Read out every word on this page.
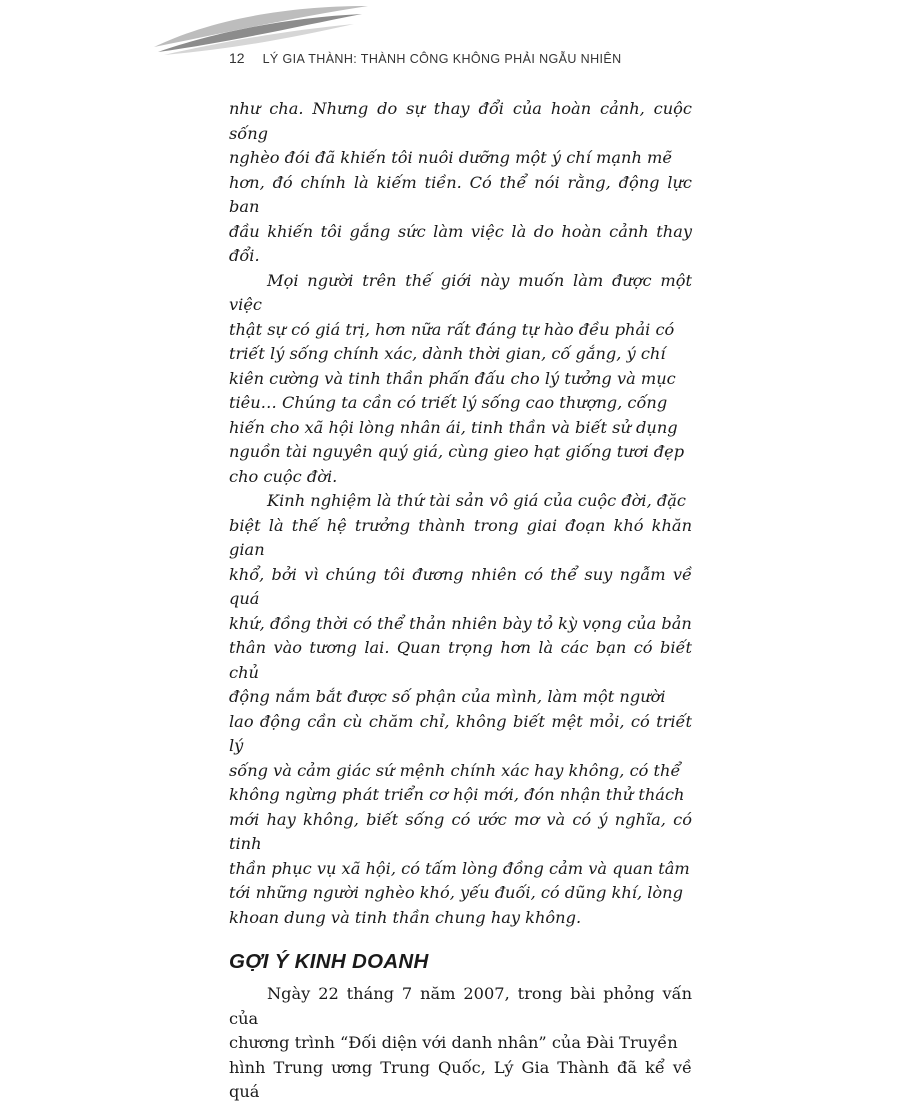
12 LÝ GIA THÀNH: THÀNH CÔNG KHÔNG PHẢI NGẪU NHIÊN

như cha. Nhưng do sự thay đổi của hoàn cảnh, cuộc sống
nghèo đói đã khiến tôi nuôi dưỡng một ý chí mạnh mẽ
hơn, đó chính là kiếm tiền. Có thể nói rằng, động lực ban
đầu khiến tôi gắng sức làm việc là do hoàn cảnh thay đổi.

Mọi người trên thế giới này muốn làm được một việc
thật sự có giá trị, hơn nữa rất đáng tự hào đều phải có
triết lý sống chính xác, dành thời gian, cố gắng, ý chí
kiên cường và tinh thần phấn đấu cho lý tưởng và mục
tiêu… Chúng ta cần có triết lý sống cao thượng, cống
hiến cho xã hội lòng nhân ái, tinh thần và biết sử dụng
nguồn tài nguyên quý giá, cùng gieo hạt giống tươi đẹp
cho cuộc đời.

Kinh nghiệm là thứ tài sản vô giá của cuộc đời, đặc
biệt là thế hệ trưởng thành trong giai đoạn khó khăn gian
khổ, bởi vì chúng tôi đương nhiên có thể suy ngẫm về quá
khứ, đồng thời có thể thản nhiên bày tỏ kỳ vọng của bản
thân vào tương lai. Quan trọng hơn là các bạn có biết chủ
động nắm bắt được số phận của mình, làm một người
lao động cần cù chăm chỉ, không biết mệt mỏi, có triết lý
sống và cảm giác sứ mệnh chính xác hay không, có thể
không ngừng phát triển cơ hội mới, đón nhận thử thách
mới hay không, biết sống có ước mơ và có ý nghĩa, có tinh
thần phục vụ xã hội, có tấm lòng đồng cảm và quan tâm
tới những người nghèo khó, yếu đuối, có dũng khí, lòng
khoan dung và tinh thần chung hay không.

GỢI Ý KINH DOANH

Ngày 22 tháng 7 năm 2007, trong bài phỏng vấn của
chương trình “Đối diện với danh nhân” của Đài Truyền
hình Trung ương Trung Quốc, Lý Gia Thành đã kể về quá
